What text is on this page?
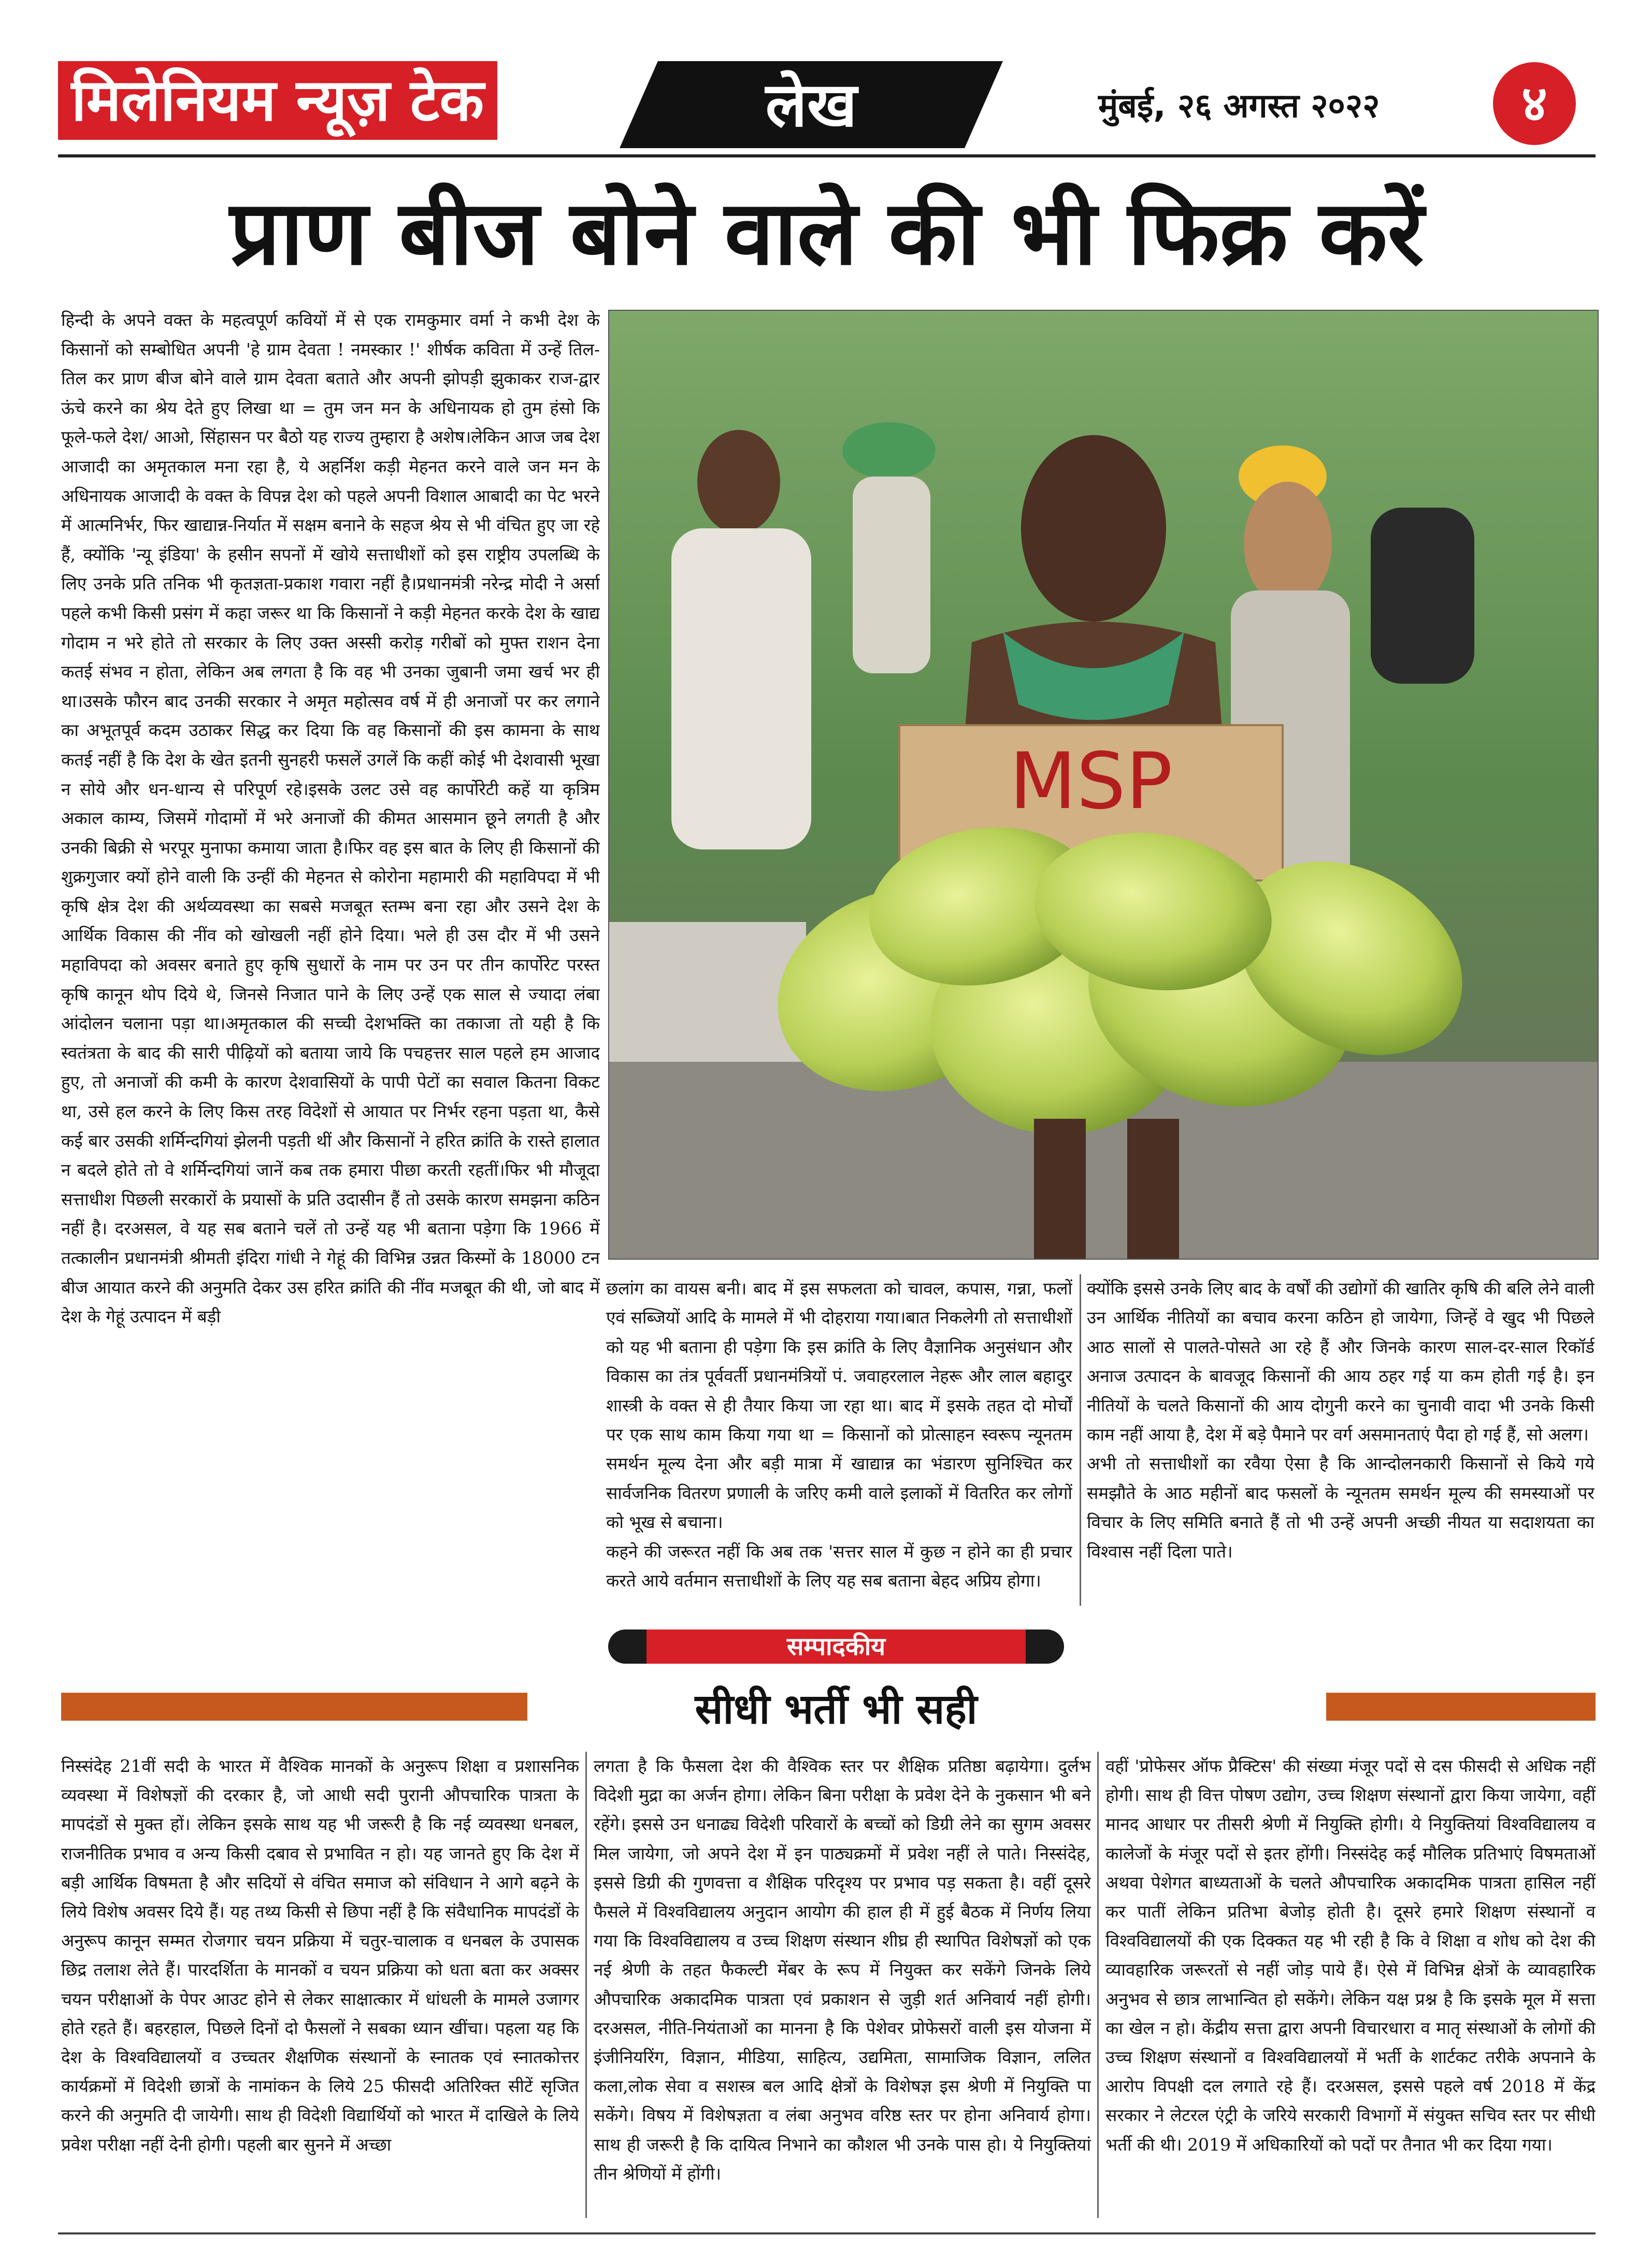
मिलेनियम न्यूज़ टेक	लेख	मुंबई, २६ अगस्त २०२२	४
प्राण बीज बोने वाले की भी फिक्र करें

हिन्दी के अपने वक्त के महत्वपूर्ण कवियों में से एक रामकुमार वर्मा ने कभी देश के किसानों को सम्बोधित अपनी 'हे ग्राम देवता ! नमस्कार !' शीर्षक कविता में उन्हें तिल-तिल कर प्राण बीज बोने वाले ग्राम देवता बताते और अपनी झोपड़ी झुकाकर राज-द्वार ऊंचे करने का श्रेय देते हुए लिखा था = तुम जन मन के अधिनायक हो तुम हंसो कि फूले-फले देश/ आओ, सिंहासन पर बैठो यह राज्य तुम्हारा है अशेष।लेकिन आज जब देश आजादी का अमृतकाल मना रहा है, ये अहर्निश कड़ी मेहनत करने वाले जन मन के अधिनायक आजादी के वक्त के विपन्न देश को पहले अपनी विशाल आबादी का पेट भरने में आत्मनिर्भर, फिर खाद्यान्न-निर्यात में सक्षम बनाने के सहज श्रेय से भी वंचित हुए जा रहे हैं, क्योंकि 'न्यू इंडिया' के हसीन सपनों में खोये सत्ताधीशों को इस राष्ट्रीय उपलब्धि के लिए उनके प्रति तनिक भी कृतज्ञता-प्रकाश गवारा नहीं है।प्रधानमंत्री नरेन्द्र मोदी ने अर्सा पहले कभी किसी प्रसंग में कहा जरूर था कि किसानों ने कड़ी मेहनत करके देश के खाद्य गोदाम न भरे होते तो सरकार के लिए उक्त अस्सी करोड़ गरीबों को मुफ्त राशन देना कतई संभव न होता, लेकिन अब लगता है कि वह भी उनका जुबानी जमा खर्च भर ही था।उसके फौरन बाद उनकी सरकार ने अमृत महोत्सव वर्ष में ही अनाजों पर कर लगाने का अभूतपूर्व कदम उठाकर सिद्ध कर दिया कि वह किसानों की इस कामना के साथ कतई नहीं है कि देश के खेत इतनी सुनहरी फसलें उगलें कि कहीं कोई भी देशवासी भूखा न सोये और धन-धान्य से परिपूर्ण रहे।इसके उलट उसे वह कार्पोरेटी कहें या कृत्रिम अकाल काम्य, जिसमें गोदामों में भरे अनाजों की कीमत आसमान छूने लगती है और उनकी बिक्री से भरपूर मुनाफा कमाया जाता है।फिर वह इस बात के लिए ही किसानों की शुक्रगुजार क्यों होने वाली कि उन्हीं की मेहनत से कोरोना महामारी की महाविपदा में भी कृषि क्षेत्र देश की अर्थव्यवस्था का सबसे मजबूत स्तम्भ बना रहा और उसने देश के आर्थिक विकास की नींव को खोखली नहीं होने दिया। भले ही उस दौर में भी उसने महाविपदा को अवसर बनाते हुए कृषि सुधारों के नाम पर उन पर तीन कार्पोरेट परस्त कृषि कानून थोप दिये थे, जिनसे निजात पाने के लिए उन्हें एक साल से ज्यादा लंबा आंदोलन चलाना पड़ा था।अमृतकाल की सच्ची देशभक्ति का तकाजा तो यही है कि स्वतंत्रता के बाद की सारी पीढ़ियों को बताया जाये कि पचहत्तर साल पहले हम आजाद हुए, तो अनाजों की कमी के कारण देशवासियों के पापी पेटों का सवाल कितना विकट था, उसे हल करने के लिए किस तरह विदेशों से आयात पर निर्भर रहना पड़ता था, कैसे कई बार उसकी शर्मिन्दगियां झेलनी पड़ती थीं और किसानों ने हरित क्रांति के रास्ते हालात न बदले होते तो वे शर्मिन्दगियां जानें कब तक हमारा पीछा करती रहतीं।फिर भी मौजूदा सत्ताधीश पिछली सरकारों के प्रयासों के प्रति उदासीन हैं तो उसके कारण समझना कठिन नहीं है। दरअसल, वे यह सब बताने चलें तो उन्हें यह भी बताना पड़ेगा कि 1966 में तत्कालीन प्रधानमंत्री श्रीमती इंदिरा गांधी ने गेहूं की विभिन्न उन्नत किस्मों के 18000 टन बीज आयात करने की अनुमति देकर उस हरित क्रांति की नींव मजबूत की थी, जो बाद में देश के गेहूं उत्पादन में बड़ी

MSP

छलांग का वायस बनी। बाद में इस सफलता को चावल, कपास, गन्ना, फलों एवं सब्जियों आदि के मामले में भी दोहराया गया।बात निकलेगी तो सत्ताधीशों को यह भी बताना ही पड़ेगा कि इस क्रांति के लिए वैज्ञानिक अनुसंधान और विकास का तंत्र पूर्ववर्ती प्रधानमंत्रियों पं. जवाहरलाल नेहरू और लाल बहादुर शास्त्री के वक्त से ही तैयार किया जा रहा था। बाद में इसके तहत दो मोर्चों पर एक साथ काम किया गया था = किसानों को प्रोत्साहन स्वरूप न्यूनतम समर्थन मूल्य देना और बड़ी मात्रा में खाद्यान्न का भंडारण सुनिश्चित कर सार्वजनिक वितरण प्रणाली के जरिए कमी वाले इलाकों में वितरित कर लोगों को भूख से बचाना।

कहने की जरूरत नहीं कि अब तक 'सत्तर साल में कुछ न होने का ही प्रचार करते आये वर्तमान सत्ताधीशों के लिए यह सब बताना बेहद अप्रिय होगा।

क्योंकि इससे उनके लिए बाद के वर्षों की उद्योगों की खातिर कृषि की बलि लेने वाली उन आर्थिक नीतियों का बचाव करना कठिन हो जायेगा, जिन्हें वे खुद भी पिछले आठ सालों से पालते-पोसते आ रहे हैं और जिनके कारण साल-दर-साल रिकॉर्ड अनाज उत्पादन के बावजूद किसानों की आय ठहर गई या कम होती गई है। इन नीतियों के चलते किसानों की आय दोगुनी करने का चुनावी वादा भी उनके किसी काम नहीं आया है, देश में बड़े पैमाने पर वर्ग असमानताएं पैदा हो गई हैं, सो अलग।

अभी तो सत्ताधीशों का रवैया ऐसा है कि आन्दोलनकारी किसानों से किये गये समझौते के आठ महीनों बाद फसलों के न्यूनतम समर्थन मूल्य की समस्याओं पर विचार के लिए समिति बनाते हैं तो भी उन्हें अपनी अच्छी नीयत या सदाशयता का विश्वास नहीं दिला पाते।

सम्पादकीय
सीधी भर्ती भी सही

निस्संदेह 21वीं सदी के भारत में वैश्विक मानकों के अनुरूप शिक्षा व प्रशासनिक व्यवस्था में विशेषज्ञों की दरकार है, जो आधी सदी पुरानी औपचारिक पात्रता के मापदंडों से मुक्त हों। लेकिन इसके साथ यह भी जरूरी है कि नई व्यवस्था धनबल, राजनीतिक प्रभाव व अन्य किसी दबाव से प्रभावित न हो। यह जानते हुए कि देश में बड़ी आर्थिक विषमता है और सदियों से वंचित समाज को संविधान ने आगे बढ़ने के लिये विशेष अवसर दिये हैं। यह तथ्य किसी से छिपा नहीं है कि संवैधानिक मापदंडों के अनुरूप कानून सम्मत रोजगार चयन प्रक्रिया में चतुर-चालाक व धनबल के उपासक छिद्र तलाश लेते हैं। पारदर्शिता के मानकों व चयन प्रक्रिया को धता बता कर अक्सर चयन परीक्षाओं के पेपर आउट होने से लेकर साक्षात्कार में धांधली के मामले उजागर होते रहते हैं। बहरहाल, पिछले दिनों दो फैसलों ने सबका ध्यान खींचा। पहला यह कि देश के विश्वविद्यालयों व उच्चतर शैक्षणिक संस्थानों के स्नातक एवं स्नातकोत्तर कार्यक्रमों में विदेशी छात्रों के नामांकन के लिये 25 फीसदी अतिरिक्त सीटें सृजित करने की अनुमति दी जायेगी। साथ ही विदेशी विद्यार्थियों को भारत में दाखिले के लिये प्रवेश परीक्षा नहीं देनी होगी। पहली बार सुनने में अच्छा

लगता है कि फैसला देश की वैश्विक स्तर पर शैक्षिक प्रतिष्ठा बढ़ायेगा। दुर्लभ विदेशी मुद्रा का अर्जन होगा। लेकिन बिना परीक्षा के प्रवेश देने के नुकसान भी बने रहेंगे। इससे उन धनाढ्य विदेशी परिवारों के बच्चों को डिग्री लेने का सुगम अवसर मिल जायेगा, जो अपने देश में इन पाठ्यक्रमों में प्रवेश नहीं ले पाते। निस्संदेह, इससे डिग्री की गुणवत्ता व शैक्षिक परिदृश्य पर प्रभाव पड़ सकता है। वहीं दूसरे फैसले में विश्वविद्यालय अनुदान आयोग की हाल ही में हुई बैठक में निर्णय लिया गया कि विश्वविद्यालय व उच्च शिक्षण संस्थान शीघ्र ही स्थापित विशेषज्ञों को एक नई श्रेणी के तहत फैकल्टी मेंबर के रूप में नियुक्त कर सकेंगे जिनके लिये औपचारिक अकादमिक पात्रता एवं प्रकाशन से जुड़ी शर्त अनिवार्य नहीं होगी।दरअसल, नीति-नियंताओं का मानना है कि पेशेवर प्रोफेसरों वाली इस योजना में इंजीनियरिंग, विज्ञान, मीडिया, साहित्य, उद्यमिता, सामाजिक विज्ञान, ललित कला,लोक सेवा व सशस्त्र बल आदि क्षेत्रों के विशेषज्ञ इस श्रेणी में नियुक्ति पा सकेंगे। विषय में विशेषज्ञता व लंबा अनुभव वरिष्ठ स्तर पर होना अनिवार्य होगा। साथ ही जरूरी है कि दायित्व निभाने का कौशल भी उनके पास हो। ये नियुक्तियां तीन श्रेणियों में होंगी।

वहीं 'प्रोफेसर ऑफ प्रैक्टिस' की संख्या मंजूर पदों से दस फीसदी से अधिक नहीं होगी। साथ ही वित्त पोषण उद्योग, उच्च शिक्षण संस्थानों द्वारा किया जायेगा, वहीं मानद आधार पर तीसरी श्रेणी में नियुक्ति होगी। ये नियुक्तियां विश्वविद्यालय व कालेजों के मंजूर पदों से इतर होंगी। निस्संदेह कई मौलिक प्रतिभाएं विषमताओं अथवा पेशेगत बाध्यताओं के चलते औपचारिक अकादमिक पात्रता हासिल नहीं कर पातीं लेकिन प्रतिभा बेजोड़ होती है। दूसरे हमारे शिक्षण संस्थानों व विश्वविद्यालयों की एक दिक्कत यह भी रही है कि वे शिक्षा व शोध को देश की व्यावहारिक जरूरतों से नहीं जोड़ पाये हैं। ऐसे में विभिन्न क्षेत्रों के व्यावहारिक अनुभव से छात्र लाभान्वित हो सकेंगे। लेकिन यक्ष प्रश्न है कि इसके मूल में सत्ता का खेल न हो। केंद्रीय सत्ता द्वारा अपनी विचारधारा व मातृ संस्थाओं के लोगों की उच्च शिक्षण संस्थानों व विश्वविद्यालयों में भर्ती के शार्टकट तरीके अपनाने के आरोप विपक्षी दल लगाते रहे हैं। दरअसल, इससे पहले वर्ष 2018 में केंद्र सरकार ने लेटरल एंट्री के जरिये सरकारी विभागों में संयुक्त सचिव स्तर पर सीधी भर्ती की थी। 2019 में अधिकारियों को पदों पर तैनात भी कर दिया गया।
